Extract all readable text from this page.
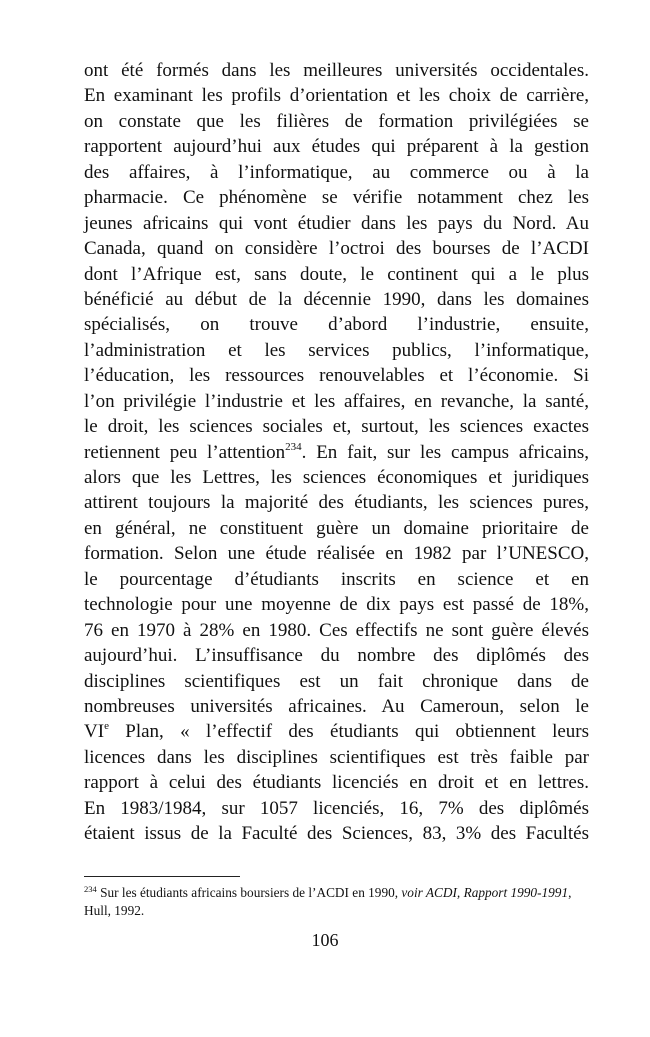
ont été formés dans les meilleures universités occidentales.
En examinant les profils d’orientation et les choix de carrière,
on constate que les filières de formation privilégiées se
rapportent aujourd’hui aux études qui préparent à la gestion
des affaires, à l’informatique, au commerce ou à la
pharmacie. Ce phénomène se vérifie notamment chez les
jeunes africains qui vont étudier dans les pays du Nord. Au
Canada, quand on considère l’octroi des bourses de l’ACDI
dont l’Afrique est, sans doute, le continent qui a le plus
bénéficié au début de la décennie 1990, dans les domaines
spécialisés, on trouve d’abord l’industrie, ensuite,
l’administration et les services publics, l’informatique,
l’éducation, les ressources renouvelables et l’économie. Si
l’on privilégie l’industrie et les affaires, en revanche, la santé,
le droit, les sciences sociales et, surtout, les sciences exactes
retiennent peu l’attention$^{234}$. En fait, sur les campus africains,
alors que les Lettres, les sciences économiques et juridiques
attirent toujours la majorité des étudiants, les sciences pures,
en général, ne constituent guère un domaine prioritaire de
formation. Selon une étude réalisée en 1982 par l’UNESCO,
le pourcentage d’étudiants inscrits en science et en
technologie pour une moyenne de dix pays est passé de 18%,
76 en 1970 à 28% en 1980. Ces effectifs ne sont guère élevés
aujourd’hui. L’insuffisance du nombre des diplômés des
disciplines scientifiques est un fait chronique dans de
nombreuses universités africaines. Au Cameroun, selon le
VIe Plan, « l’effectif des étudiants qui obtiennent leurs
licences dans les disciplines scientifiques est très faible par
rapport à celui des étudiants licenciés en droit et en lettres.
En 1983/1984, sur 1057 licenciés, 16, 7% des diplômés
étaient issus de la Faculté des Sciences, 83, 3% des Facultés
$^{234}$ Sur les étudiants africains boursiers de l’ACDI en 1990, voir ACDI, Rapport 1990-1991, Hull, 1992.
106
